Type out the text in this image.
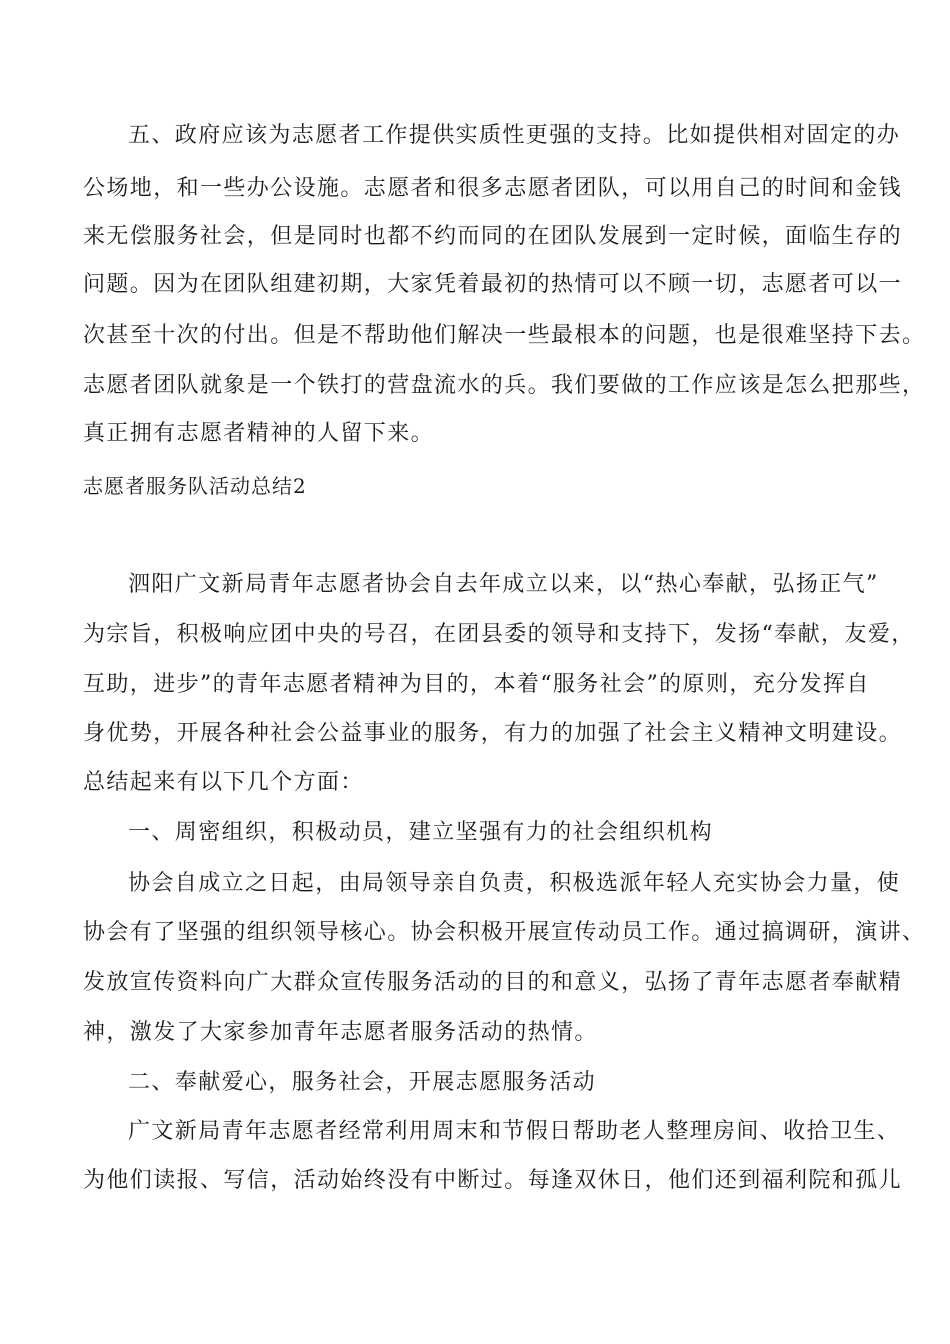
五、政府应该为志愿者工作提供实质性更强的支持。比如提供相对固定的办
公场地，和一些办公设施。志愿者和很多志愿者团队，可以用自己的时间和金钱
来无偿服务社会，但是同时也都不约而同的在团队发展到一定时候，面临生存的
问题。因为在团队组建初期，大家凭着最初的热情可以不顾一切，志愿者可以一
次甚至十次的付出。但是不帮助他们解决一些最根本的问题，也是很难坚持下去。
志愿者团队就象是一个铁打的营盘流水的兵。我们要做的工作应该是怎么把那些，
真正拥有志愿者精神的人留下来。
志愿者服务队活动总结2
泗阳广文新局青年志愿者协会自去年成立以来，以“热心奉献，弘扬正气”
为宗旨，积极响应团中央的号召，在团县委的领导和支持下，发扬“奉献，友爱，
互助，进步”的青年志愿者精神为目的，本着“服务社会”的原则，充分发挥自
身优势，开展各种社会公益事业的服务，有力的加强了社会主义精神文明建设。
总结起来有以下几个方面：
一、周密组织，积极动员，建立坚强有力的社会组织机构
协会自成立之日起，由局领导亲自负责，积极选派年轻人充实协会力量，使
协会有了坚强的组织领导核心。协会积极开展宣传动员工作。通过搞调研，演讲、
发放宣传资料向广大群众宣传服务活动的目的和意义，弘扬了青年志愿者奉献精
神，激发了大家参加青年志愿者服务活动的热情。
二、奉献爱心，服务社会，开展志愿服务活动
广文新局青年志愿者经常利用周末和节假日帮助老人整理房间、收拾卫生、
为他们读报、写信，活动始终没有中断过。每逢双休日，他们还到福利院和孤儿
